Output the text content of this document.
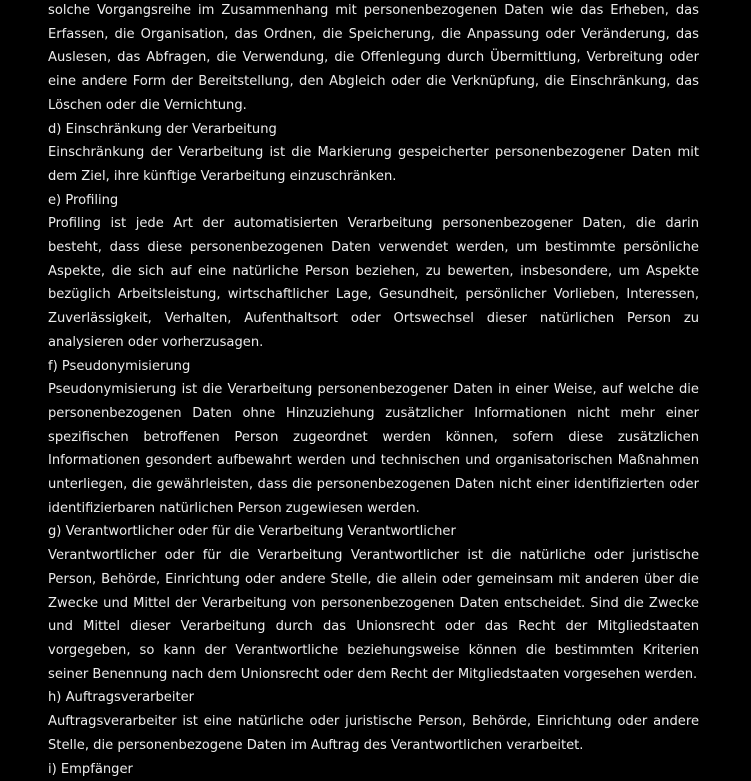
solche Vorgangsreihe im Zusammenhang mit personenbezogenen Daten wie das Erheben, das Erfassen, die Organisation, das Ordnen, die Speicherung, die Anpassung oder Veränderung, das Auslesen, das Abfragen, die Verwendung, die Offenlegung durch Übermittlung, Verbreitung oder eine andere Form der Bereitstellung, den Abgleich oder die Verknüpfung, die Einschränkung, das Löschen oder die Vernichtung.

d) Einschränkung der Verarbeitung

Einschränkung der Verarbeitung ist die Markierung gespeicherter personenbezogener Daten mit dem Ziel, ihre künftige Verarbeitung einzuschränken.

e) Profiling

Profiling ist jede Art der automatisierten Verarbeitung personenbezogener Daten, die darin besteht, dass diese personenbezogenen Daten verwendet werden, um bestimmte persönliche Aspekte, die sich auf eine natürliche Person beziehen, zu bewerten, insbesondere, um Aspekte bezüglich Arbeitsleistung, wirtschaftlicher Lage, Gesundheit, persönlicher Vorlieben, Interessen, Zuverlässigkeit, Verhalten, Aufenthaltsort oder Ortswechsel dieser natürlichen Person zu analysieren oder vorherzusagen.

f) Pseudonymisierung

Pseudonymisierung ist die Verarbeitung personenbezogener Daten in einer Weise, auf welche die personenbezogenen Daten ohne Hinzuziehung zusätzlicher Informationen nicht mehr einer spezifischen betroffenen Person zugeordnet werden können, sofern diese zusätzlichen Informationen gesondert aufbewahrt werden und technischen und organisatorischen Maßnahmen unterliegen, die gewährleisten, dass die personenbezogenen Daten nicht einer identifizierten oder identifizierbaren natürlichen Person zugewiesen werden.

g) Verantwortlicher oder für die Verarbeitung Verantwortlicher

Verantwortlicher oder für die Verarbeitung Verantwortlicher ist die natürliche oder juristische Person, Behörde, Einrichtung oder andere Stelle, die allein oder gemeinsam mit anderen über die Zwecke und Mittel der Verarbeitung von personenbezogenen Daten entscheidet. Sind die Zwecke und Mittel dieser Verarbeitung durch das Unionsrecht oder das Recht der Mitgliedstaaten vorgegeben, so kann der Verantwortliche beziehungsweise können die bestimmten Kriterien seiner Benennung nach dem Unionsrecht oder dem Recht der Mitgliedstaaten vorgesehen werden.

h) Auftragsverarbeiter

Auftragsverarbeiter ist eine natürliche oder juristische Person, Behörde, Einrichtung oder andere Stelle, die personenbezogene Daten im Auftrag des Verantwortlichen verarbeitet.

i) Empfänger
